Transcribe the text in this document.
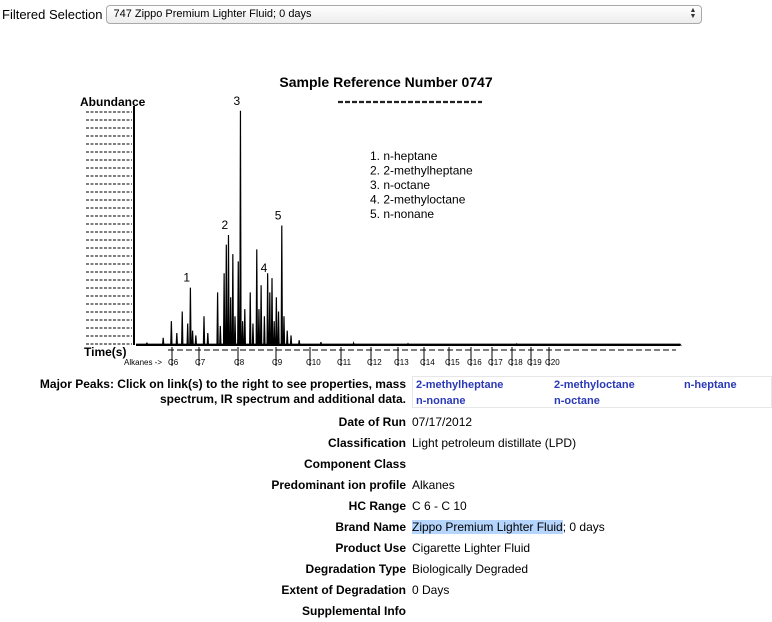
Filtered Selection	747 Zippo Premium Lighter Fluid; 0 days	▲
▼
Sample Reference Number 0747
Abundance
Time(s)
Alkanes -> C6 C7	C8	C9	C10 C11 C12 C13 C14 C15 C16 C17 C18 C19 C20
1
2
3
4
5
1. n-heptane
2. 2-methylheptane
3. n-octane
4. 2-methyloctane
5. n-nonane
Major Peaks: Click on link(s) to the right to see properties, mass spectrum, IR spectrum and additional data.
2-methylheptane	2-methyloctane	n-heptane
n-nonane	n-octane
Date of Run 07/17/2012
Classification Light petroleum distillate (LPD)
Component Class
Predominant ion profile Alkanes
HC Range C 6 - C 10
Brand Name Zippo Premium Lighter Fluid; 0 days
Product Use Cigarette Lighter Fluid
Degradation Type Biologically Degraded
Extent of Degradation 0 Days
Supplemental Info
